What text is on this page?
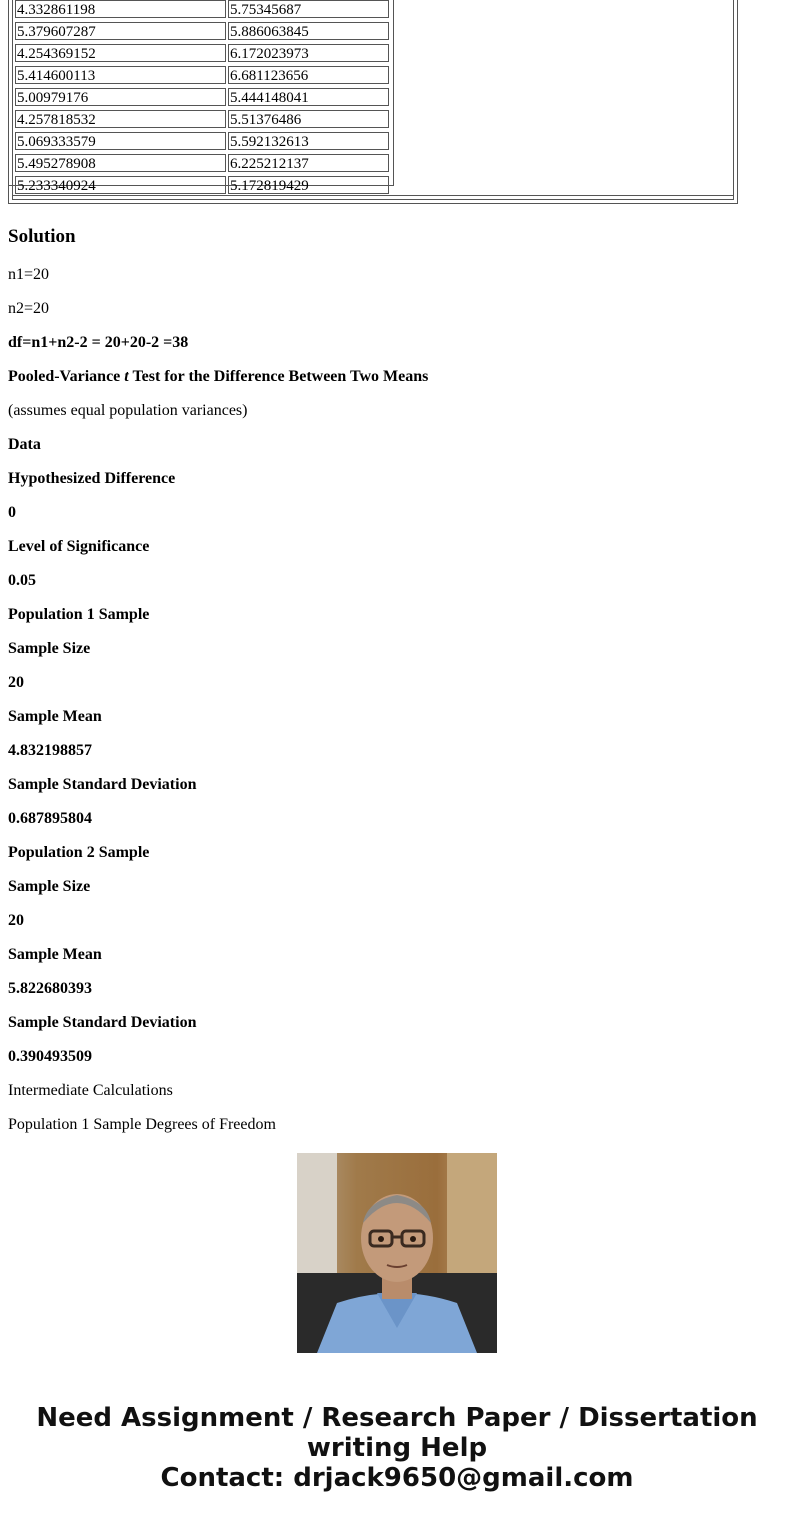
4.332861198	5.75345687
5.379607287	5.886063845
4.254369152	6.172023973
5.414600113	6.681123656
5.00979176	5.444148041
4.257818532	5.51376486
5.069333579	5.592132613
5.495278908	6.225212137
5.233340924	5.172819429
Solution

n1=20

n2=20

df=n1+n2-2 = 20+20-2 =38

Pooled-Variance t Test for the Difference Between Two Means

(assumes equal population variances)

Data

Hypothesized Difference

0

Level of Significance

0.05

Population 1 Sample

Sample Size

20

Sample Mean

4.832198857

Sample Standard Deviation

0.687895804

Population 2 Sample

Sample Size

20

Sample Mean

5.822680393

Sample Standard Deviation

0.390493509

Intermediate Calculations

Population 1 Sample Degrees of Freedom

Need Assignment / Research Paper / Dissertation
writing Help
Contact: drjack9650@gmail.com
